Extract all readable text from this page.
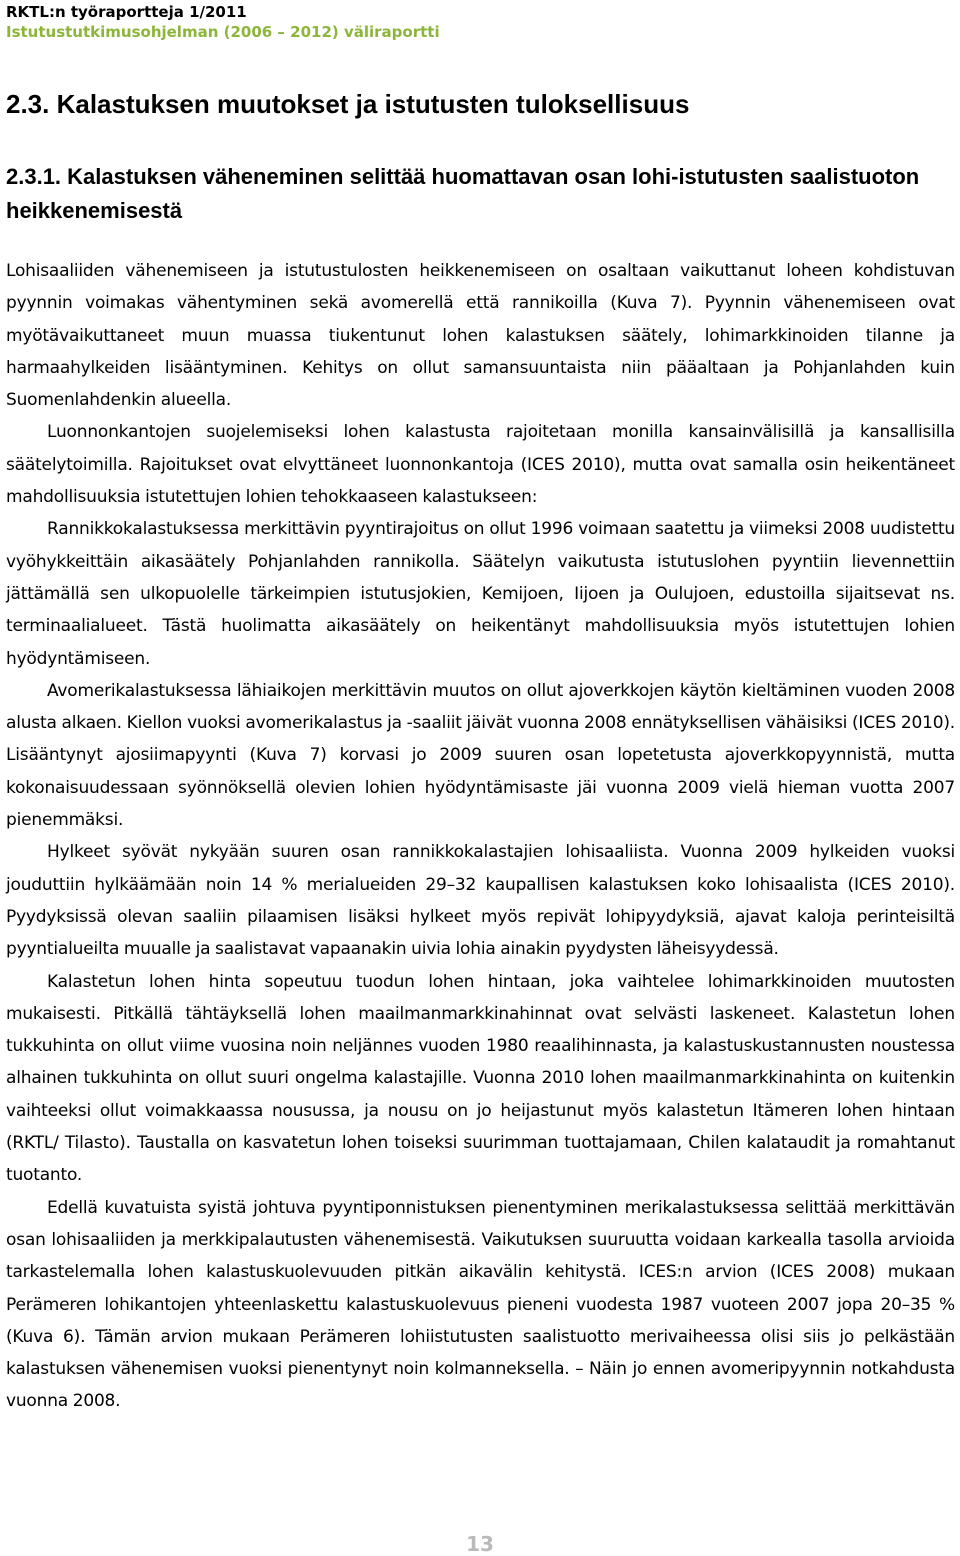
RKTL:n työraportteja 1/2011
Istutustutkimusohjelman (2006 – 2012) väliraportti
2.3. Kalastuksen muutokset ja istutusten tuloksellisuus
2.3.1. Kalastuksen väheneminen selittää huomattavan osan lohi-istutusten saalistuoton heikkenemisestä

Lohisaaliiden vähenemiseen ja istutustulosten heikkenemiseen on osaltaan vaikuttanut loheen kohdistuvan pyynnin voimakas vähentyminen sekä avomerellä että rannikoilla (Kuva 7). Pyynnin vähenemiseen ovat myötävaikuttaneet muun muassa tiukentunut lohen kalastuksen säätely, lohimarkkinoiden tilanne ja harmaahylkeiden lisääntyminen. Kehitys on ollut samansuuntaista niin pääaltaan ja Pohjanlahden kuin Suomenlahdenkin alueella.

Luonnonkantojen suojelemiseksi lohen kalastusta rajoitetaan monilla kansainvälisillä ja kansallisilla säätelytoimilla. Rajoitukset ovat elvyttäneet luonnonkantoja (ICES 2010), mutta ovat samalla osin heikentäneet mahdollisuuksia istutettujen lohien tehokkaaseen kalastukseen:

Rannikkokalastuksessa merkittävin pyyntirajoitus on ollut 1996 voimaan saatettu ja viimeksi 2008 uudistettu vyöhykkeittäin aikasäätely Pohjanlahden rannikolla. Säätelyn vaikutusta istutuslohen pyyntiin lievennettiin jättämällä sen ulkopuolelle tärkeimpien istutusjokien, Kemijoen, Iijoen ja Oulujoen, edustoilla sijaitsevat ns. terminaalialueet. Tästä huolimatta aikasäätely on heikentänyt mahdollisuuksia myös istutettujen lohien hyödyntämiseen.

Avomerikalastuksessa lähiaikojen merkittävin muutos on ollut ajoverkkojen käytön kieltäminen vuoden 2008 alusta alkaen. Kiellon vuoksi avomerikalastus ja -saaliit jäivät vuonna 2008 ennätyksellisen vähäisiksi (ICES 2010). Lisääntynyt ajosiimapyynti (Kuva 7) korvasi jo 2009 suuren osan lopetetusta ajoverkkopyynnistä, mutta kokonaisuudessaan syönnöksellä olevien lohien hyödyntämisaste jäi vuonna 2009 vielä hieman vuotta 2007 pienemmäksi.

Hylkeet syövät nykyään suuren osan rannikkokalastajien lohisaaliista. Vuonna 2009 hylkeiden vuoksi jouduttiin hylkäämään noin 14 % merialueiden 29–32 kaupallisen kalastuksen koko lohisaalista (ICES 2010). Pyydyksissä olevan saaliin pilaamisen lisäksi hylkeet myös repivät lohipyydyksiä, ajavat kaloja perinteisiltä pyyntialueilta muualle ja saalistavat vapaanakin uivia lohia ainakin pyydysten läheisyydessä.

Kalastetun lohen hinta sopeutuu tuodun lohen hintaan, joka vaihtelee lohimarkkinoiden muutosten mukaisesti. Pitkällä tähtäyksellä lohen maailmanmarkkinahinnat ovat selvästi laskeneet. Kalastetun lohen tukkuhinta on ollut viime vuosina noin neljännes vuoden 1980 reaalihinnasta, ja kalastuskustannusten noustessa alhainen tukkuhinta on ollut suuri ongelma kalastajille. Vuonna 2010 lohen maailmanmarkkinahinta on kuitenkin vaihteeksi ollut voimakkaassa nousussa, ja nousu on jo heijastunut myös kalastetun Itämeren lohen hintaan (RKTL/ Tilasto). Taustalla on kasvatetun lohen toiseksi suurimman tuottajamaan, Chilen kalataudit ja romahtanut tuotanto.

Edellä kuvatuista syistä johtuva pyyntiponnistuksen pienentyminen merikalastuksessa selittää merkittävän osan lohisaaliiden ja merkkipalautusten vähenemisestä. Vaikutuksen suuruutta voidaan karkealla tasolla arvioida tarkastelemalla lohen kalastuskuolevuuden pitkän aikavälin kehitystä. ICES:n arvion (ICES 2008) mukaan Perämeren lohikantojen yhteenlaskettu kalastuskuolevuus pieneni vuodesta 1987 vuoteen 2007 jopa 20–35 % (Kuva 6). Tämän arvion mukaan Perämeren lohiistutusten saalistuotto merivaiheessa olisi siis jo pelkästään kalastuksen vähenemisen vuoksi pienentynyt noin kolmanneksella. – Näin jo ennen avomeripyynnin notkahdusta vuonna 2008.

13
